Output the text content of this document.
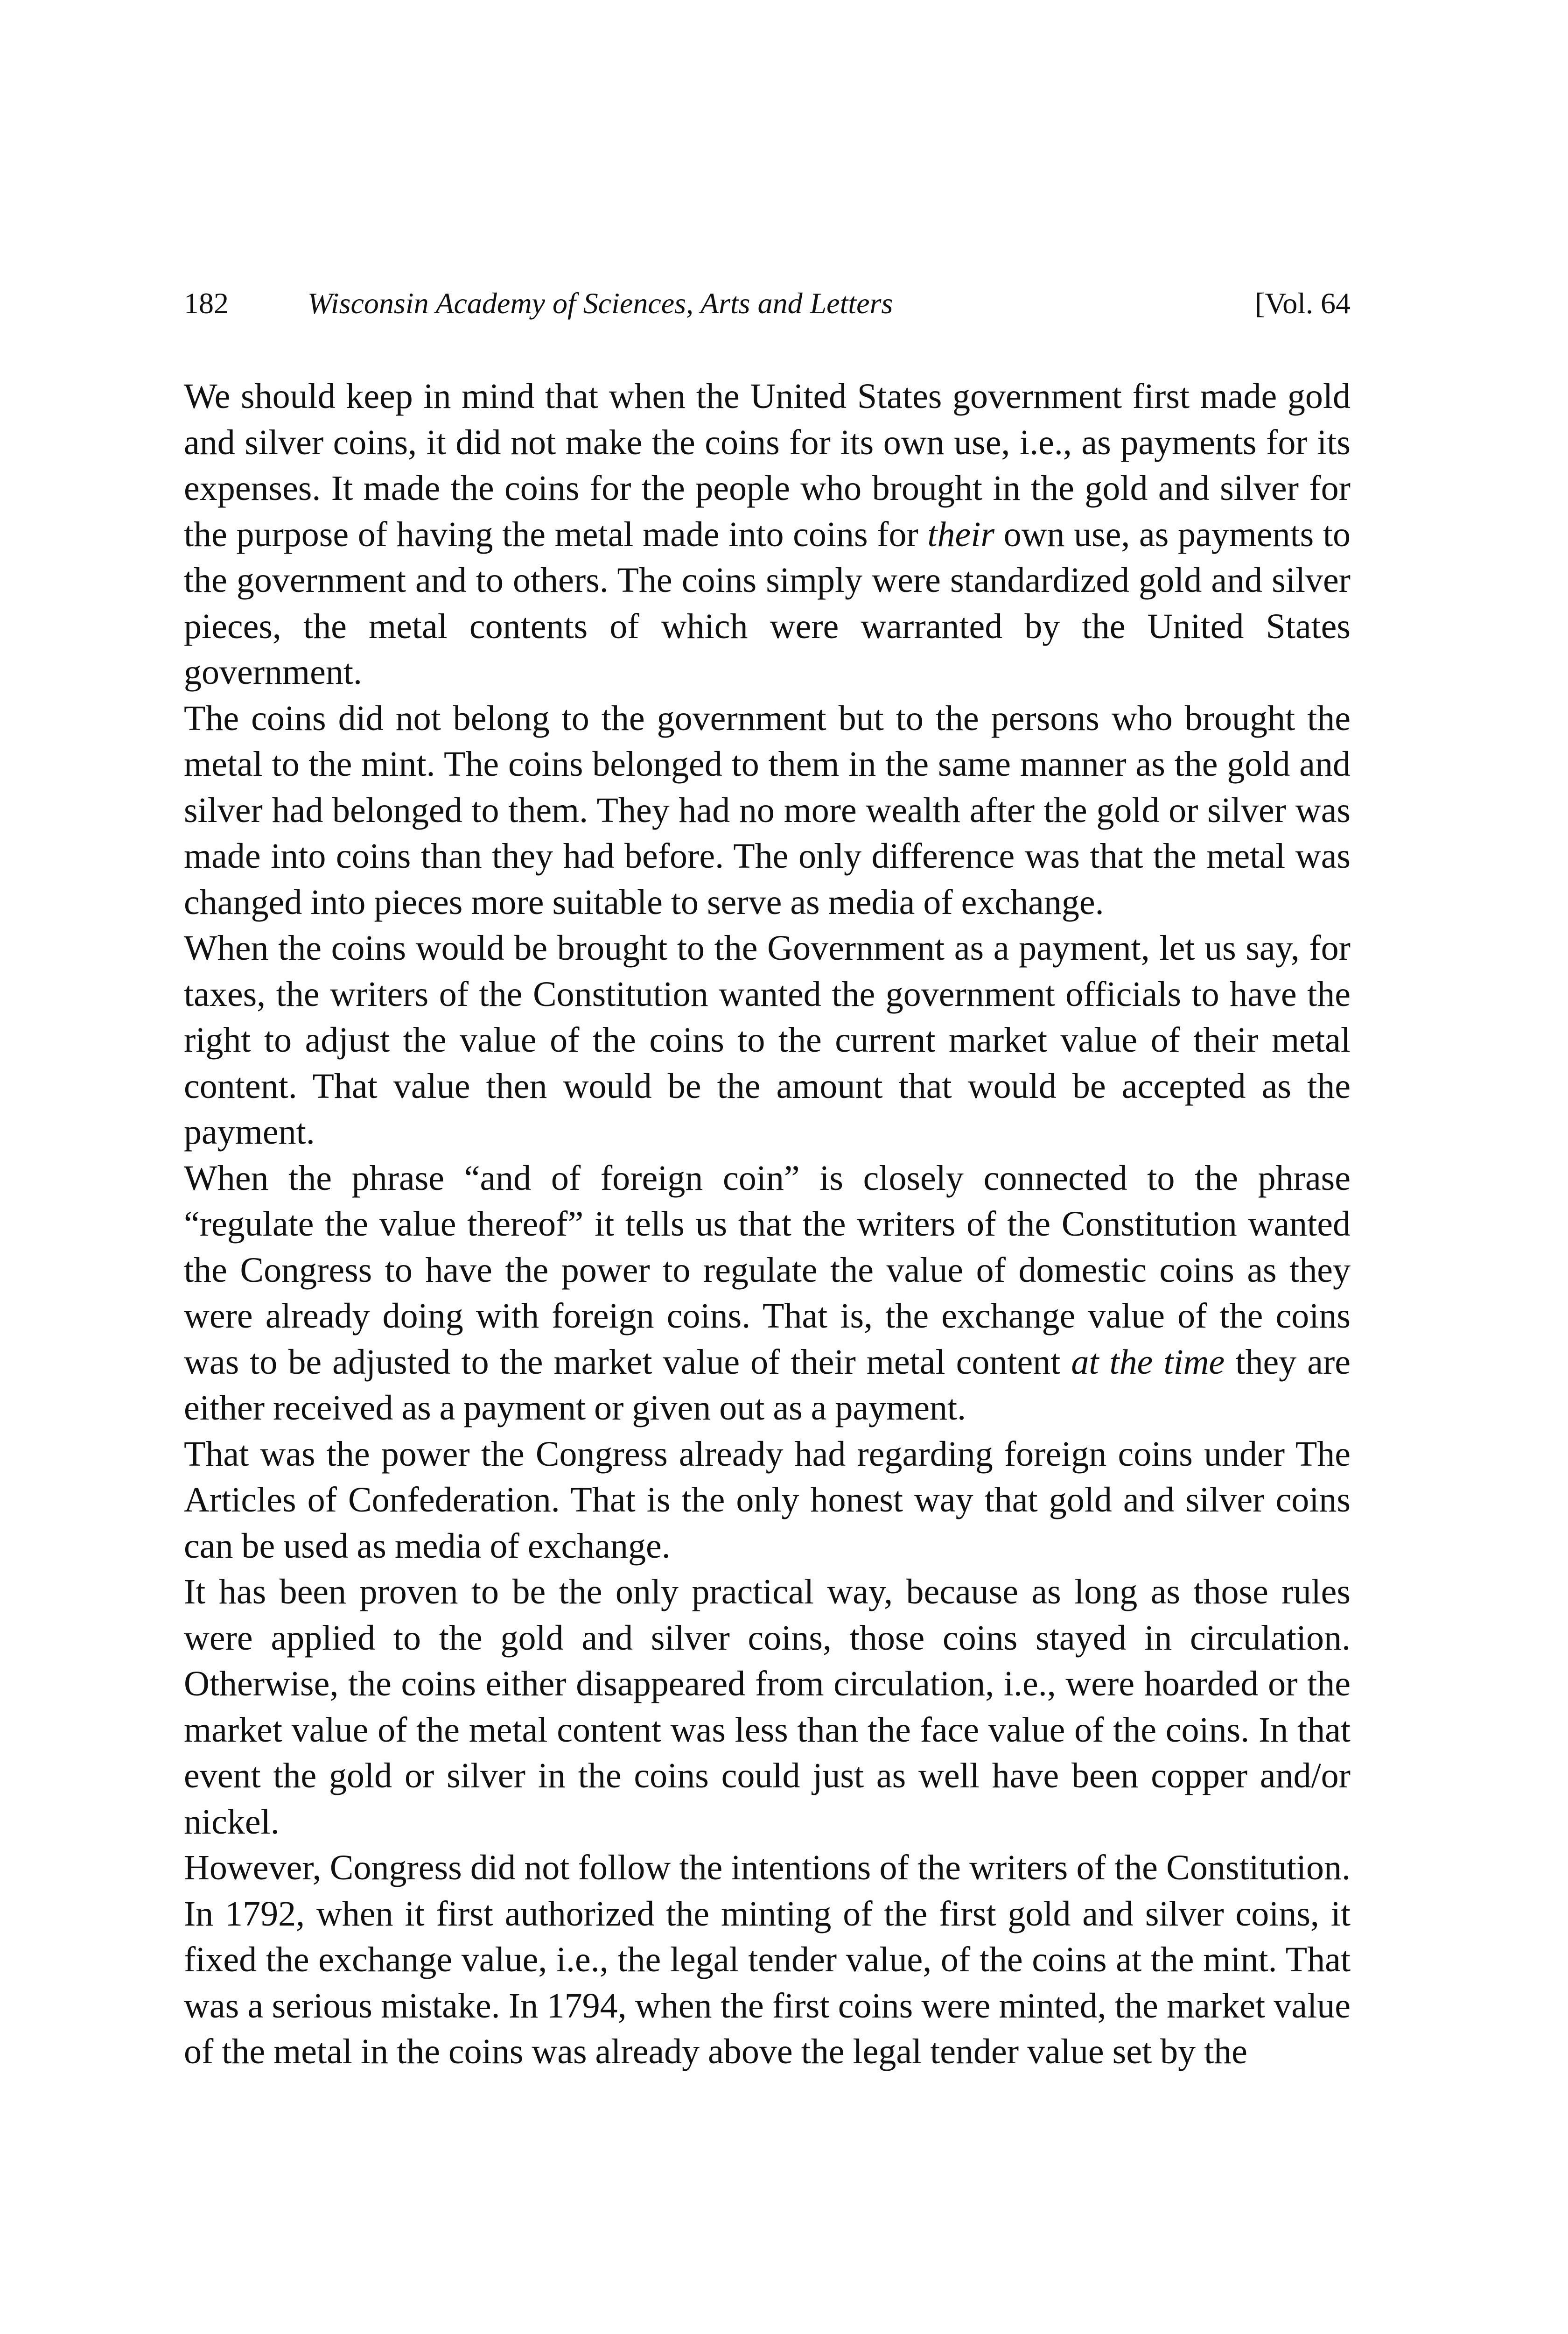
182	Wisconsin Academy of Sciences, Arts and Letters	[Vol. 64

We should keep in mind that when the United States government first made gold and silver coins, it did not make the coins for its own use, i.e., as payments for its expenses. It made the coins for the people who brought in the gold and silver for the purpose of having the metal made into coins for their own use, as payments to the government and to others. The coins simply were standardized gold and silver pieces, the metal contents of which were warranted by the United States government.

The coins did not belong to the government but to the persons who brought the metal to the mint. The coins belonged to them in the same manner as the gold and silver had belonged to them. They had no more wealth after the gold or silver was made into coins than they had before. The only difference was that the metal was changed into pieces more suitable to serve as media of exchange.

When the coins would be brought to the Government as a payment, let us say, for taxes, the writers of the Constitution wanted the government officials to have the right to adjust the value of the coins to the current market value of their metal content. That value then would be the amount that would be accepted as the payment.

When the phrase “and of foreign coin” is closely connected to the phrase “regulate the value thereof” it tells us that the writers of the Constitution wanted the Congress to have the power to regulate the value of domestic coins as they were already doing with foreign coins. That is, the exchange value of the coins was to be adjusted to the market value of their metal content at the time they are either received as a payment or given out as a payment.

That was the power the Congress already had regarding foreign coins under The Articles of Confederation. That is the only honest way that gold and silver coins can be used as media of exchange.

It has been proven to be the only practical way, because as long as those rules were applied to the gold and silver coins, those coins stayed in circulation. Otherwise, the coins either disappeared from circulation, i.e., were hoarded or the market value of the metal content was less than the face value of the coins. In that event the gold or silver in the coins could just as well have been copper and/or nickel.

However, Congress did not follow the intentions of the writers of the Constitution. In 1792, when it first authorized the minting of the first gold and silver coins, it fixed the exchange value, i.e., the legal tender value, of the coins at the mint. That was a serious mistake. In 1794, when the first coins were minted, the market value of the metal in the coins was already above the legal tender value set by the
